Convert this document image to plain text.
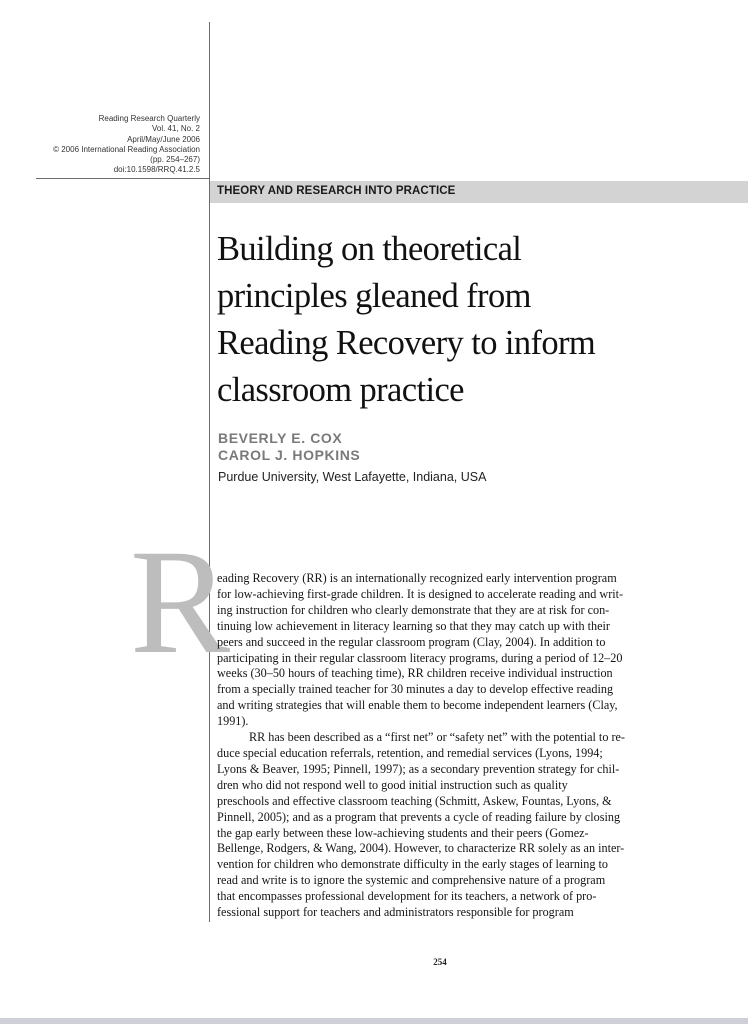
Reading Research Quarterly
Vol. 41, No. 2
April/May/June 2006
© 2006 International Reading Association
(pp. 254–267)
doi:10.1598/RRQ.41.2.5
THEORY AND RESEARCH INTO PRACTICE
Building on theoretical
principles gleaned from
Reading Recovery to inform
classroom practice
BEVERLY E. COX
CAROL J. HOPKINS
Purdue University, West Lafayette, Indiana, USA
R
eading Recovery (RR) is an internationally recognized early intervention program
for low-achieving first-grade children. It is designed to accelerate reading and writ-
ing instruction for children who clearly demonstrate that they are at risk for con-
tinuing low achievement in literacy learning so that they may catch up with their
peers and succeed in the regular classroom program (Clay, 2004). In addition to
participating in their regular classroom literacy programs, during a period of 12–20
weeks (30–50 hours of teaching time), RR children receive individual instruction
from a specially trained teacher for 30 minutes a day to develop effective reading
and writing strategies that will enable them to become independent learners (Clay,
1991).
RR has been described as a “first net” or “safety net” with the potential to re-
duce special education referrals, retention, and remedial services (Lyons, 1994;
Lyons & Beaver, 1995; Pinnell, 1997); as a secondary prevention strategy for chil-
dren who did not respond well to good initial instruction such as quality
preschools and effective classroom teaching (Schmitt, Askew, Fountas, Lyons, &
Pinnell, 2005); and as a program that prevents a cycle of reading failure by closing
the gap early between these low-achieving students and their peers (Gomez-
Bellenge, Rodgers, & Wang, 2004). However, to characterize RR solely as an inter-
vention for children who demonstrate difficulty in the early stages of learning to
read and write is to ignore the systemic and comprehensive nature of a program
that encompasses professional development for its teachers, a network of pro-
fessional support for teachers and administrators responsible for program
254
